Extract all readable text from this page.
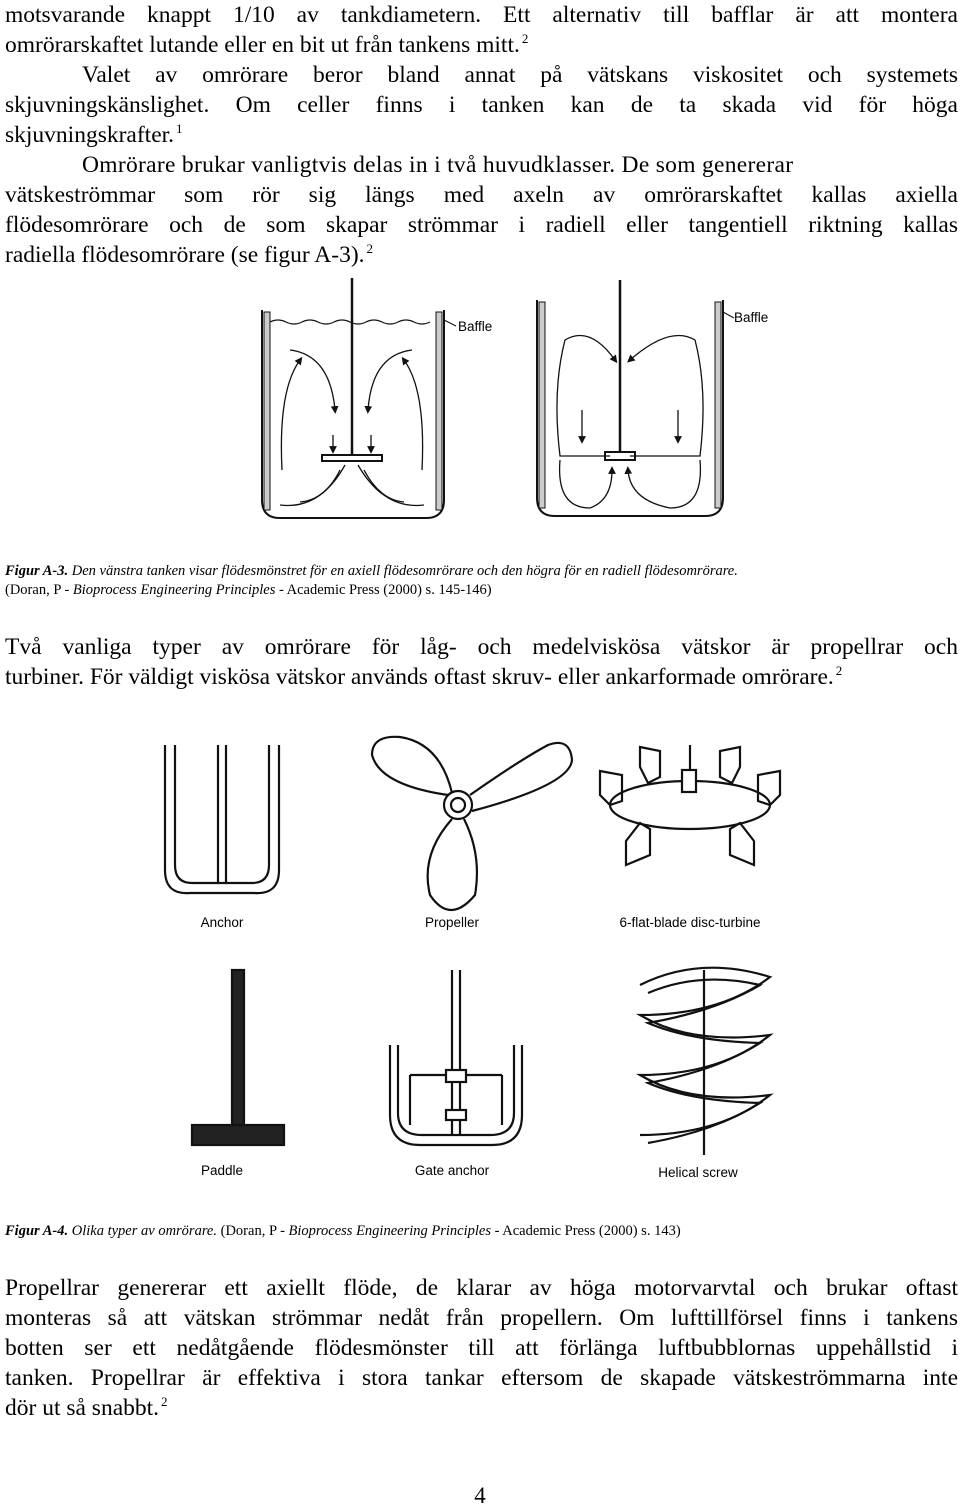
motsvarande knappt 1/10 av tankdiametern. Ett alternativ till bafflar är att montera
omrörarskaftet lutande eller en bit ut från tankens mitt. $^2$
Valet av omrörare beror bland annat på vätskans viskositet och systemets
skjuvningskänslighet. Om celler finns i tanken kan de ta skada vid för höga
skjuvningskrafter. $^1$
Omrörare brukar vanligtvis delas in i två huvudklasser. De som genererar
vätskeströmmar som rör sig längs med axeln av omrörarskaftet kallas axiella
flödesomrörare och de som skapar strömmar i radiell eller tangentiell riktning kallas
radiella flödesomrörare (se figur A-3). $^2$
Baffle
Baffle
Figur A-3. Den vänstra tanken visar flödesmönstret för en axiell flödesomrörare och den högra för en radiell flödesomrörare.
(Doran, P - Bioprocess Engineering Principles - Academic Press (2000) s. 145-146)
Två vanliga typer av omrörare för låg- och medelviskösa vätskor är propellrar och
turbiner. För väldigt viskösa vätskor används oftast skruv- eller ankarformade omrörare. $^2$
Anchor	Propeller	6-flat-blade disc-turbine
Paddle	Gate anchor	Helical screw
Figur A-4. Olika typer av omrörare. (Doran, P - Bioprocess Engineering Principles - Academic Press (2000) s. 143)
Propellrar genererar ett axiellt flöde, de klarar av höga motorvarvtal och brukar oftast
monteras så att vätskan strömmar nedåt från propellern. Om lufttillförsel finns i tankens
botten ser ett nedåtgående flödesmönster till att förlänga luftbubblornas uppehållstid i
tanken. Propellrar är effektiva i stora tankar eftersom de skapade vätskeströmmarna inte
dör ut så snabbt. $^2$
4
